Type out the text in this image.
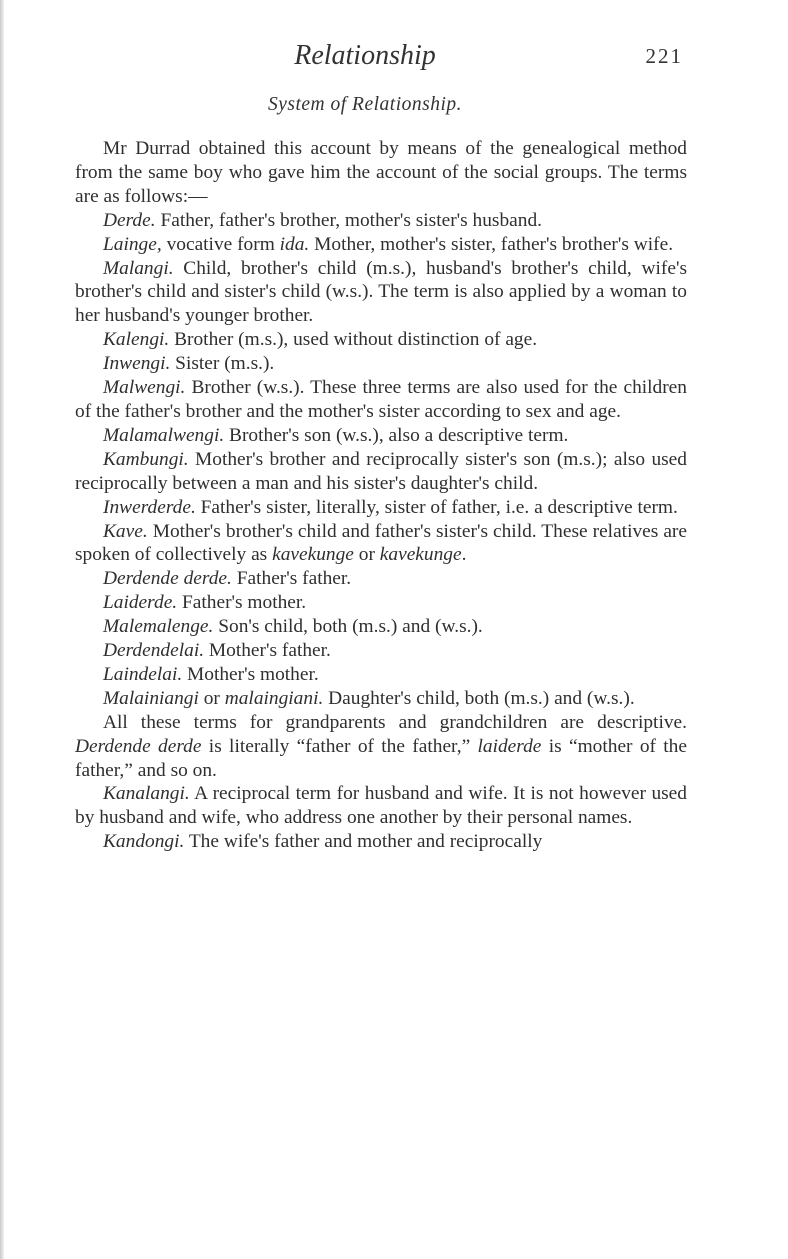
Relationship	221
System of Relationship.

Mr Durrad obtained this account by means of the genealogical method from the same boy who gave him the account of the social groups. The terms are as follows:—

Derde. Father, father's brother, mother's sister's husband.

Lainge, vocative form ida. Mother, mother's sister, father's brother's wife.

Malangi. Child, brother's child (m.s.), husband's brother's child, wife's brother's child and sister's child (w.s.). The term is also applied by a woman to her husband's younger brother.

Kalengi. Brother (m.s.), used without distinction of age.

Inwengi. Sister (m.s.).

Malwengi. Brother (w.s.). These three terms are also used for the children of the father's brother and the mother's sister according to sex and age.

Malamalwengi. Brother's son (w.s.), also a descriptive term.

Kambungi. Mother's brother and reciprocally sister's son (m.s.); also used reciprocally between a man and his sister's daughter's child.

Inwerderde. Father's sister, literally, sister of father, i.e. a descriptive term.

Kave. Mother's brother's child and father's sister's child. These relatives are spoken of collectively as kavekunge or kavekunge.

Derdende derde. Father's father.

Laiderde. Father's mother.

Malemalenge. Son's child, both (m.s.) and (w.s.).

Derdendelai. Mother's father.

Laindelai. Mother's mother.

Malainiangi or malaingiani. Daughter's child, both (m.s.) and (w.s.).

All these terms for grandparents and grandchildren are descriptive. Derdende derde is literally “father of the father,” laiderde is “mother of the father,” and so on.

Kanalangi. A reciprocal term for husband and wife. It is not however used by husband and wife, who address one another by their personal names.

Kandongi. The wife's father and mother and reciprocally
